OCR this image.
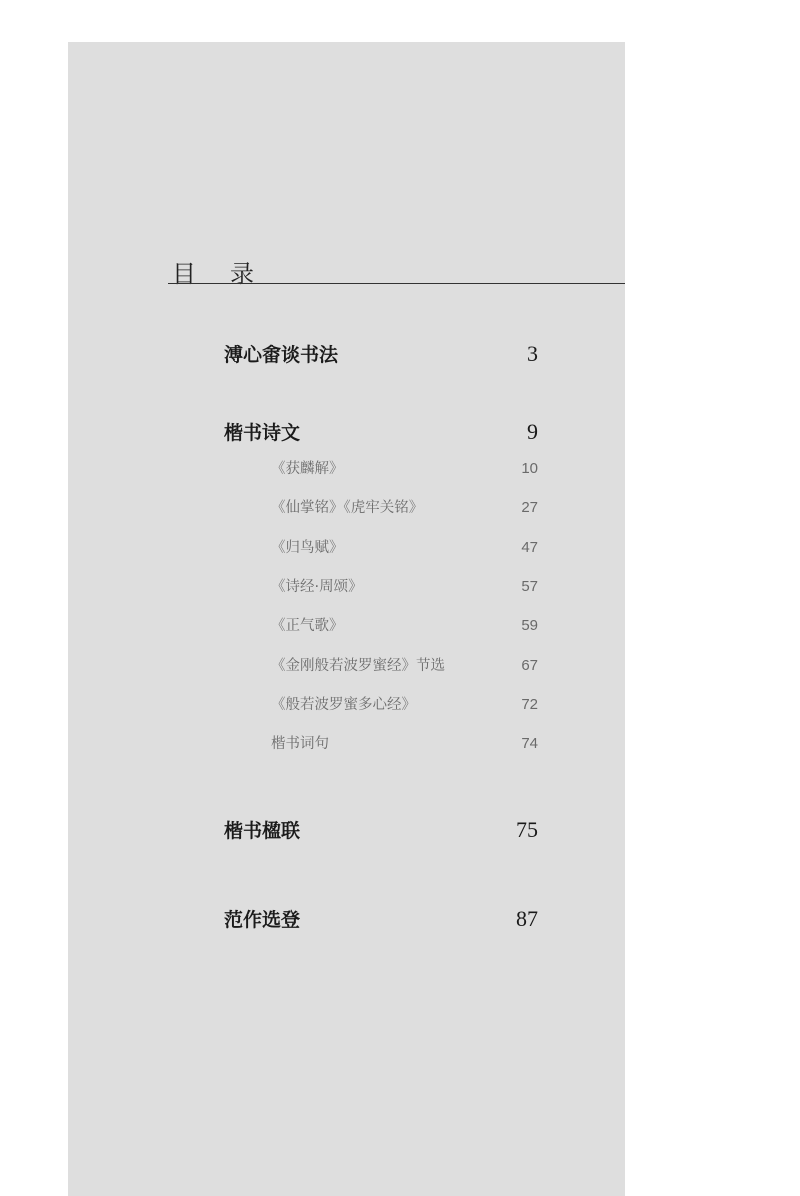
目 录
溥心畬谈书法	3
楷书诗文	9
《获麟解》	10
《仙掌铭》《虎牢关铭》	27
《归鸟赋》	47
《诗经·周颂》	57
《正气歌》	59
《金刚般若波罗蜜经》节选	67
《般若波罗蜜多心经》	72
楷书词句	74
楷书楹联	75
范作选登	87
